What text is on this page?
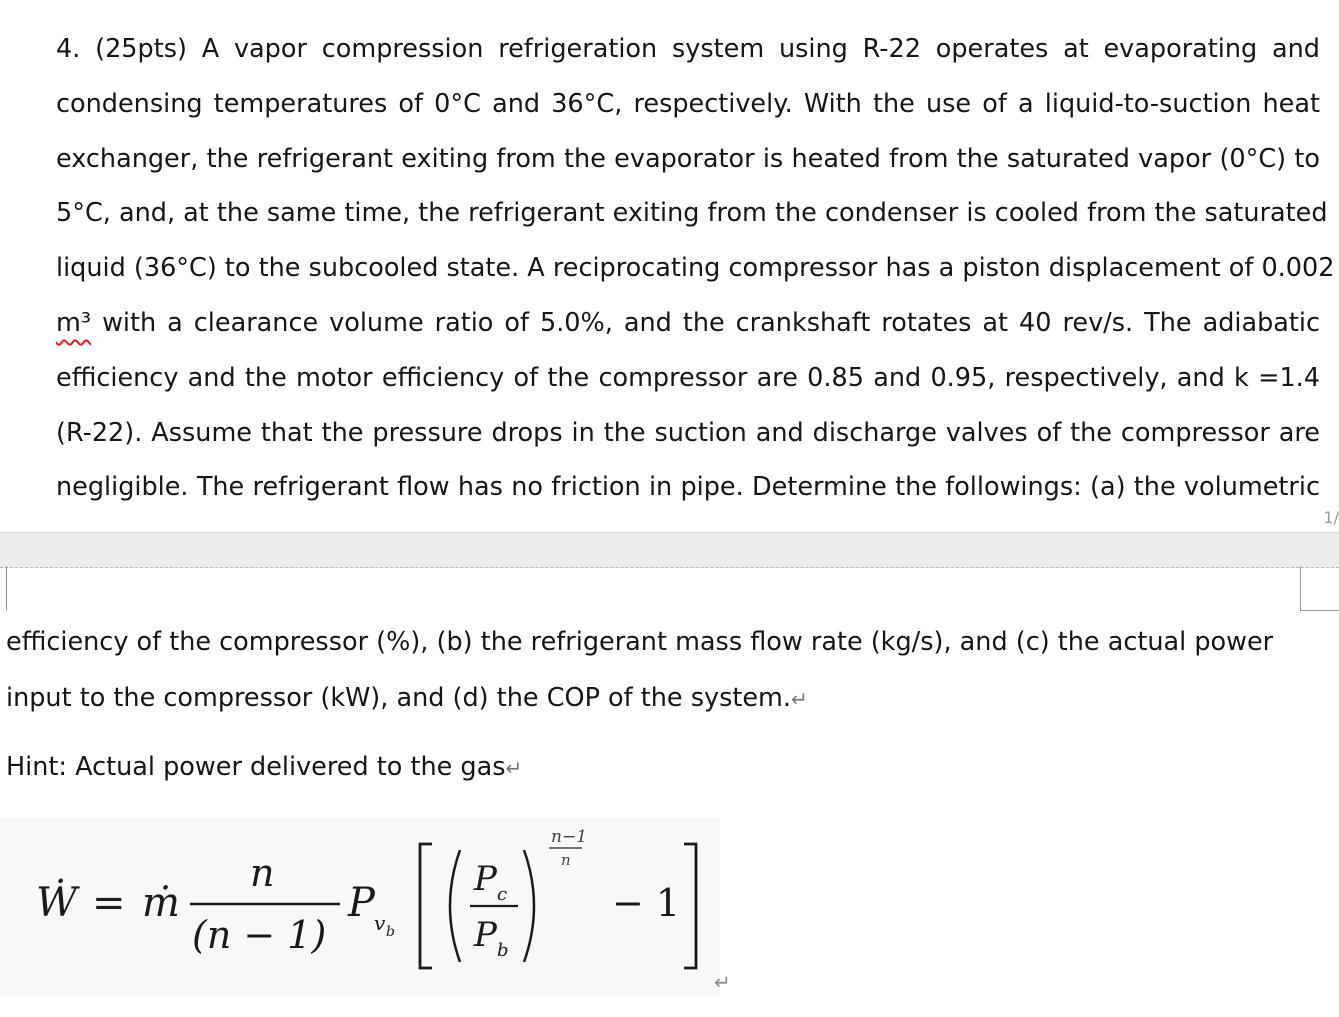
4. (25pts) A vapor compression refrigeration system using R-22 operates at evaporating and
condensing temperatures of 0°C and 36°C, respectively. With the use of a liquid-to-suction heat
exchanger, the refrigerant exiting from the evaporator is heated from the saturated vapor (0°C) to
5°C, and, at the same time, the refrigerant exiting from the condenser is cooled from the saturated
liquid (36°C) to the subcooled state. A reciprocating compressor has a piston displacement of 0.002
m³ with a clearance volume ratio of 5.0%, and the crankshaft rotates at 40 rev/s. The adiabatic
efficiency and the motor efficiency of the compressor are 0.85 and 0.95, respectively, and k =1.4
(R-22). Assume that the pressure drops in the suction and discharge valves of the compressor are
negligible. The refrigerant flow has no friction in pipe. Determine the followings: (a) the volumetric
1/
efficiency of the compressor (%), (b) the refrigerant mass flow rate (kg/s), and (c) the actual power
input to the compressor (kW), and (d) the COP of the system.↵
Hint: Actual power delivered to the gas↵
Ẇ = ṁ
n
(n − 1)
P v b
P c
P b
n−1
n
− 1
↵
